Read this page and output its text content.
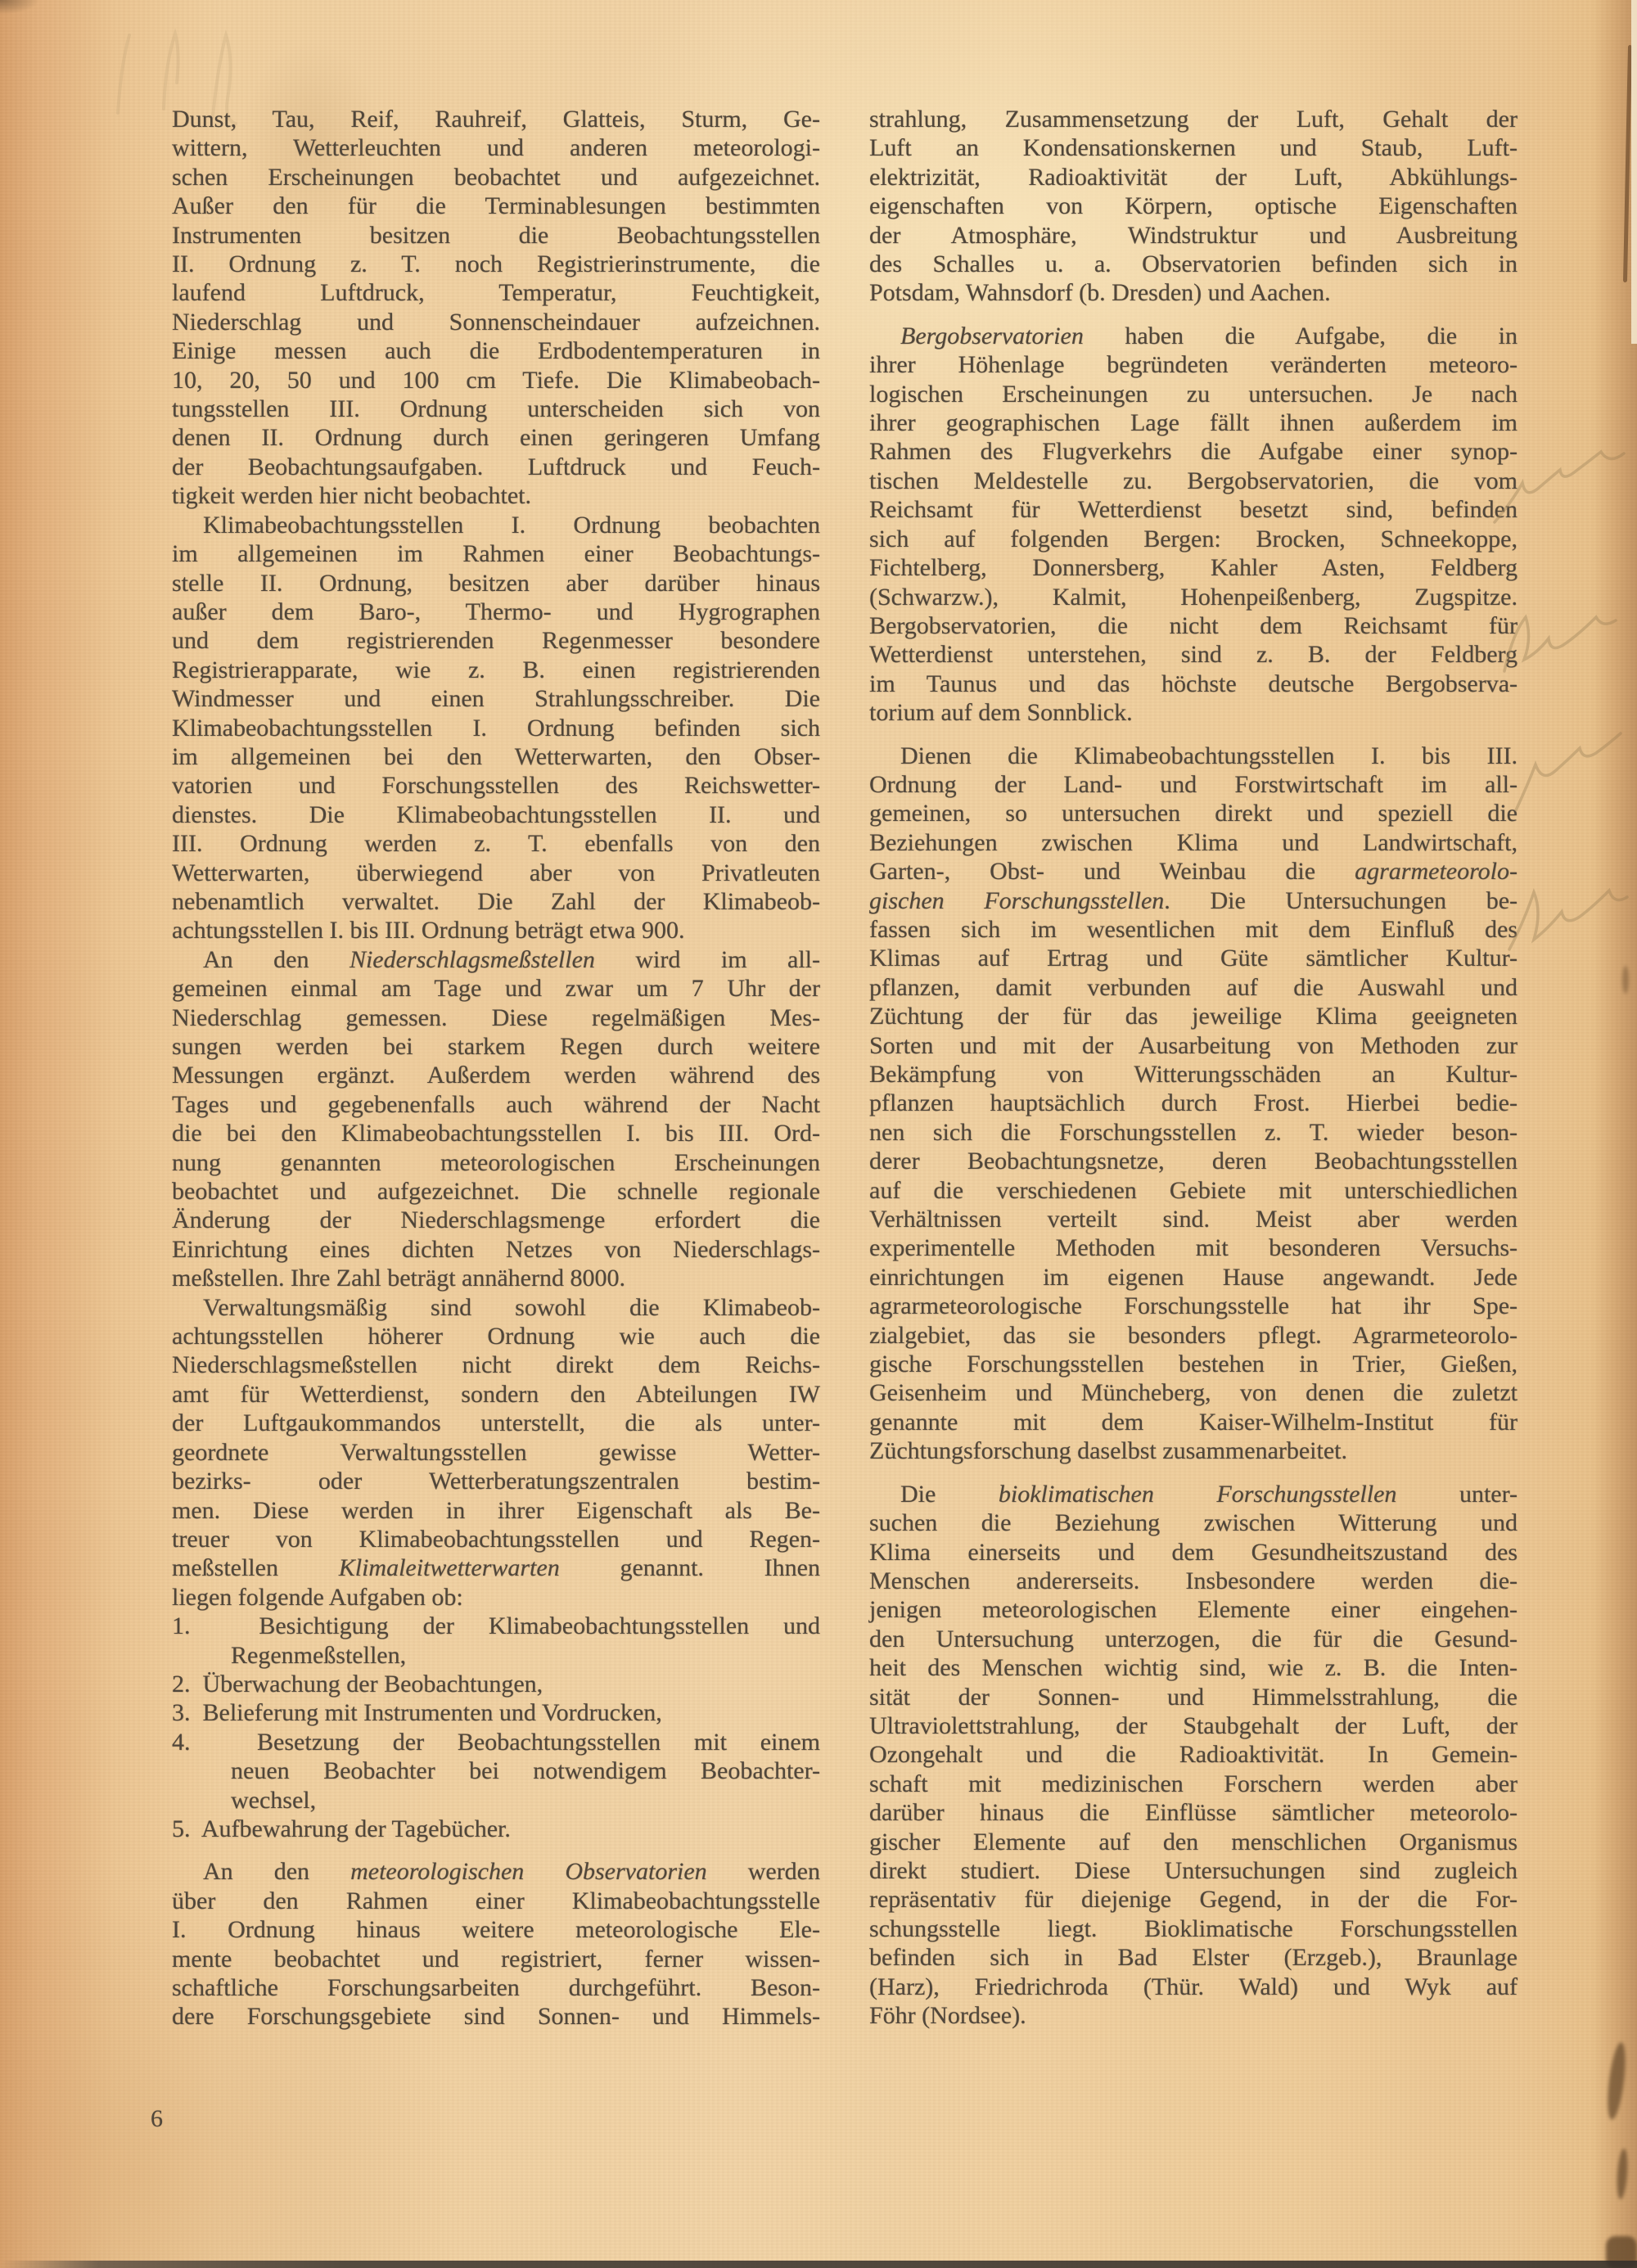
Dunst, Tau, Reif, Rauhreif, Glatteis, Sturm, Ge-
wittern, Wetterleuchten und anderen meteorologi-
schen Erscheinungen beobachtet und aufgezeichnet.
Außer den für die Terminablesungen bestimmten
Instrumenten besitzen die Beobachtungsstellen
II. Ordnung z. T. noch Registrierinstrumente, die
laufend Luftdruck, Temperatur, Feuchtigkeit,
Niederschlag und Sonnenscheindauer aufzeichnen.
Einige messen auch die Erdbodentemperaturen in
10, 20, 50 und 100 cm Tiefe. Die Klimabeobach-
tungsstellen III. Ordnung unterscheiden sich von
denen II. Ordnung durch einen geringeren Umfang
der Beobachtungsaufgaben. Luftdruck und Feuch-
tigkeit werden hier nicht beobachtet.
Klimabeobachtungsstellen I. Ordnung beobachten
im allgemeinen im Rahmen einer Beobachtungs-
stelle II. Ordnung, besitzen aber darüber hinaus
außer dem Baro-, Thermo- und Hygrographen
und dem registrierenden Regenmesser besondere
Registrierapparate, wie z. B. einen registrierenden
Windmesser und einen Strahlungsschreiber. Die
Klimabeobachtungsstellen I. Ordnung befinden sich
im allgemeinen bei den Wetterwarten, den Obser-
vatorien und Forschungsstellen des Reichswetter-
dienstes. Die Klimabeobachtungsstellen II. und
III. Ordnung werden z. T. ebenfalls von den
Wetterwarten, überwiegend aber von Privatleuten
nebenamtlich verwaltet. Die Zahl der Klimabeob-
achtungsstellen I. bis III. Ordnung beträgt etwa 900.
An den Niederschlagsmeßstellen wird im all-
gemeinen einmal am Tage und zwar um 7 Uhr der
Niederschlag gemessen. Diese regelmäßigen Mes-
sungen werden bei starkem Regen durch weitere
Messungen ergänzt. Außerdem werden während des
Tages und gegebenenfalls auch während der Nacht
die bei den Klimabeobachtungsstellen I. bis III. Ord-
nung genannten meteorologischen Erscheinungen
beobachtet und aufgezeichnet. Die schnelle regionale
Änderung der Niederschlagsmenge erfordert die
Einrichtung eines dichten Netzes von Niederschlags-
meßstellen. Ihre Zahl beträgt annähernd 8000.
Verwaltungsmäßig sind sowohl die Klimabeob-
achtungsstellen höherer Ordnung wie auch die
Niederschlagsmeßstellen nicht direkt dem Reichs-
amt für Wetterdienst, sondern den Abteilungen IW
der Luftgaukommandos unterstellt, die als unter-
geordnete Verwaltungsstellen gewisse Wetter-
bezirks- oder Wetterberatungszentralen bestim-
men. Diese werden in ihrer Eigenschaft als Be-
treuer von Klimabeobachtungsstellen und Regen-
meßstellen Klimaleitwetterwarten genannt. Ihnen
liegen folgende Aufgaben ob:
1.  Besichtigung der Klimabeobachtungsstellen und
Regenmeßstellen,
2.  Überwachung der Beobachtungen,
3.  Belieferung mit Instrumenten und Vordrucken,
4.  Besetzung der Beobachtungsstellen mit einem
neuen Beobachter bei notwendigem Beobachter-
wechsel,
5.  Aufbewahrung der Tagebücher.
An den meteorologischen Observatorien werden
über den Rahmen einer Klimabeobachtungsstelle
I. Ordnung hinaus weitere meteorologische Ele-
mente beobachtet und registriert, ferner wissen-
schaftliche Forschungsarbeiten durchgeführt. Beson-
dere Forschungsgebiete sind Sonnen- und Himmels-
strahlung, Zusammensetzung der Luft, Gehalt der
Luft an Kondensationskernen und Staub, Luft-
elektrizität, Radioaktivität der Luft, Abkühlungs-
eigenschaften von Körpern, optische Eigenschaften
der Atmosphäre, Windstruktur und Ausbreitung
des Schalles u. a. Observatorien befinden sich in
Potsdam, Wahnsdorf (b. Dresden) und Aachen.
Bergobservatorien haben die Aufgabe, die in
ihrer Höhenlage begründeten veränderten meteoro-
logischen Erscheinungen zu untersuchen. Je nach
ihrer geographischen Lage fällt ihnen außerdem im
Rahmen des Flugverkehrs die Aufgabe einer synop-
tischen Meldestelle zu. Bergobservatorien, die vom
Reichsamt für Wetterdienst besetzt sind, befinden
sich auf folgenden Bergen: Brocken, Schneekoppe,
Fichtelberg, Donnersberg, Kahler Asten, Feldberg
(Schwarzw.), Kalmit, Hohenpeißenberg, Zugspitze.
Bergobservatorien, die nicht dem Reichsamt für
Wetterdienst unterstehen, sind z. B. der Feldberg
im Taunus und das höchste deutsche Bergobserva-
torium auf dem Sonnblick.
Dienen die Klimabeobachtungsstellen I. bis III.
Ordnung der Land- und Forstwirtschaft im all-
gemeinen, so untersuchen direkt und speziell die
Beziehungen zwischen Klima und Landwirtschaft,
Garten-, Obst- und Weinbau die agrarmeteorolo-
gischen Forschungsstellen. Die Untersuchungen be-
fassen sich im wesentlichen mit dem Einfluß des
Klimas auf Ertrag und Güte sämtlicher Kultur-
pflanzen, damit verbunden auf die Auswahl und
Züchtung der für das jeweilige Klima geeigneten
Sorten und mit der Ausarbeitung von Methoden zur
Bekämpfung von Witterungsschäden an Kultur-
pflanzen hauptsächlich durch Frost. Hierbei bedie-
nen sich die Forschungsstellen z. T. wieder beson-
derer Beobachtungsnetze, deren Beobachtungsstellen
auf die verschiedenen Gebiete mit unterschiedlichen
Verhältnissen verteilt sind. Meist aber werden
experimentelle Methoden mit besonderen Versuchs-
einrichtungen im eigenen Hause angewandt. Jede
agrarmeteorologische Forschungsstelle hat ihr Spe-
zialgebiet, das sie besonders pflegt. Agrarmeteorolo-
gische Forschungsstellen bestehen in Trier, Gießen,
Geisenheim und Müncheberg, von denen die zuletzt
genannte mit dem Kaiser-Wilhelm-Institut für
Züchtungsforschung daselbst zusammenarbeitet.
Die bioklimatischen Forschungsstellen unter-
suchen die Beziehung zwischen Witterung und
Klima einerseits und dem Gesundheitszustand des
Menschen andererseits. Insbesondere werden die-
jenigen meteorologischen Elemente einer eingehen-
den Untersuchung unterzogen, die für die Gesund-
heit des Menschen wichtig sind, wie z. B. die Inten-
sität der Sonnen- und Himmelsstrahlung, die
Ultraviolettstrahlung, der Staubgehalt der Luft, der
Ozongehalt und die Radioaktivität. In Gemein-
schaft mit medizinischen Forschern werden aber
darüber hinaus die Einflüsse sämtlicher meteorolo-
gischer Elemente auf den menschlichen Organismus
direkt studiert. Diese Untersuchungen sind zugleich
repräsentativ für diejenige Gegend, in der die For-
schungsstelle liegt. Bioklimatische Forschungsstellen
befinden sich in Bad Elster (Erzgeb.), Braunlage
(Harz), Friedrichroda (Thür. Wald) und Wyk auf
Föhr (Nordsee).
6
